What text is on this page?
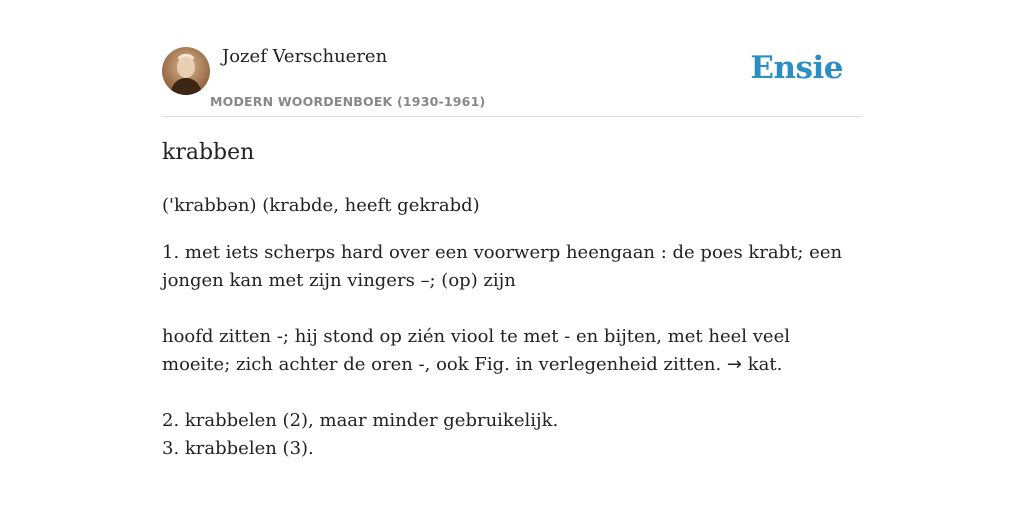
Jozef Verschueren
MODERN WOORDENBOEK (1930-1961)
Ensie
krabben

('krabbən) (krabde, heeft gekrabd)

1. met iets scherps hard over een voorwerp heengaan : de poes krabt; een jongen kan met zijn vingers –; (op) zijn

hoofd zitten -; hij stond op zién viool te met - en bijten, met heel veel moeite; zich achter de oren -, ook Fig. in verlegenheid zitten. → kat.

2. krabbelen (2), maar minder gebruikelijk.

3. krabbelen (3).
